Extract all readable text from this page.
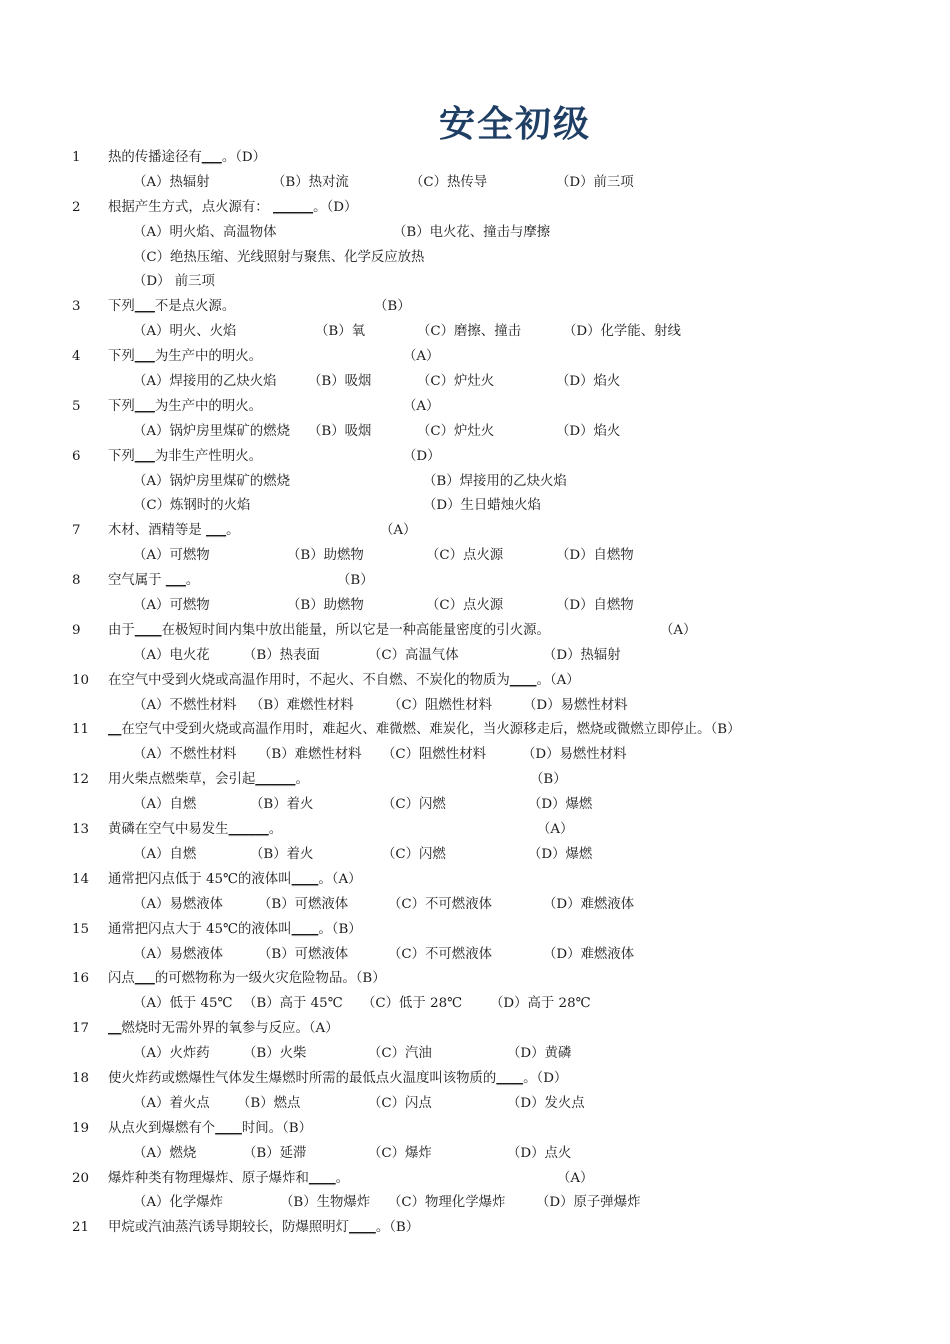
安全初级
1 热的传播途径有___。（D）
（A）热辐射	（B）热对流	（C）热传导	（D）前三项
2 根据产生方式，点火源有： ______。（D）
（A）明火焰、高温物体	（B）电火花、撞击与摩擦
（C）绝热压缩、光线照射与聚焦、化学反应放热
（D） 前三项
3 下列___不是点火源。	（B）
（A）明火、火焰	（B）氧	（C）磨擦、撞击	（D）化学能、射线
4 下列___为生产中的明火。	（A）
（A）焊接用的乙炔火焰 （B）吸烟	（C）炉灶火	（D）焰火
5 下列___为生产中的明火。	（A）
（A）锅炉房里煤矿的燃烧 （B）吸烟	（C）炉灶火	（D）焰火
6 下列___为非生产性明火。	（D）
（A）锅炉房里煤矿的燃烧	（B）焊接用的乙炔火焰
（C）炼钢时的火焰	（D）生日蜡烛火焰
7 木材、酒精等是 ___。	（A）
（A）可燃物	（B）助燃物	（C）点火源	（D）自燃物
8 空气属于 ___。	（B）
（A）可燃物	（B）助燃物	（C）点火源	（D）自燃物
9 由于____在极短时间内集中放出能量，所以它是一种高能量密度的引火源。	（A）
（A）电火花 （B）热表面	（C）高温气体	（D）热辐射
10 在空气中受到火烧或高温作用时，不起火、不自燃、不炭化的物质为____。（A）
（A）不燃性材料 （B）难燃性材料	（C）阻燃性材料 （D）易燃性材料
11 __在空气中受到火烧或高温作用时，难起火、难微燃、难炭化，当火源移走后，燃烧或微燃立即停止。（B）
（A）不燃性材料 （B）难燃性材料 （C）阻燃性材料	（D）易燃性材料
12 用火柴点燃柴草，会引起______。	（B）
（A）自燃	（B）着火	（C）闪燃	（D）爆燃
13 黄磷在空气中易发生______。	（A）
（A）自燃	（B）着火	（C）闪燃	（D）爆燃
14 通常把闪点低于 45℃的液体叫____。（A）
（A）易燃液体	（B）可燃液体	（C）不可燃液体	（D）难燃液体
15 通常把闪点大于 45℃的液体叫____。（B）
（A）易燃液体	（B）可燃液体	（C）不可燃液体	（D）难燃液体
16 闪点___的可燃物称为一级火灾危险物品。（B）
（A）低于 45℃ （B）高于 45℃ （C）低于 28℃ （D）高于 28℃
17 __燃烧时无需外界的氧参与反应。（A）
（A）火炸药 （B）火柴	（C）汽油	（D）黄磷
18 使火炸药或燃爆性气体发生爆燃时所需的最低点火温度叫该物质的____。（D）
（A）着火点 （B）燃点	（C）闪点	（D）发火点
19 从点火到爆燃有个____时间。（B）
（A）燃烧	（B）延滞	（C）爆炸	（D）点火
20 爆炸种类有物理爆炸、原子爆炸和____。	（A）
（A）化学爆炸	（B）生物爆炸 （C）物理化学爆炸 （D）原子弹爆炸
21 甲烷或汽油蒸汽诱导期较长，防爆照明灯____。（B）
